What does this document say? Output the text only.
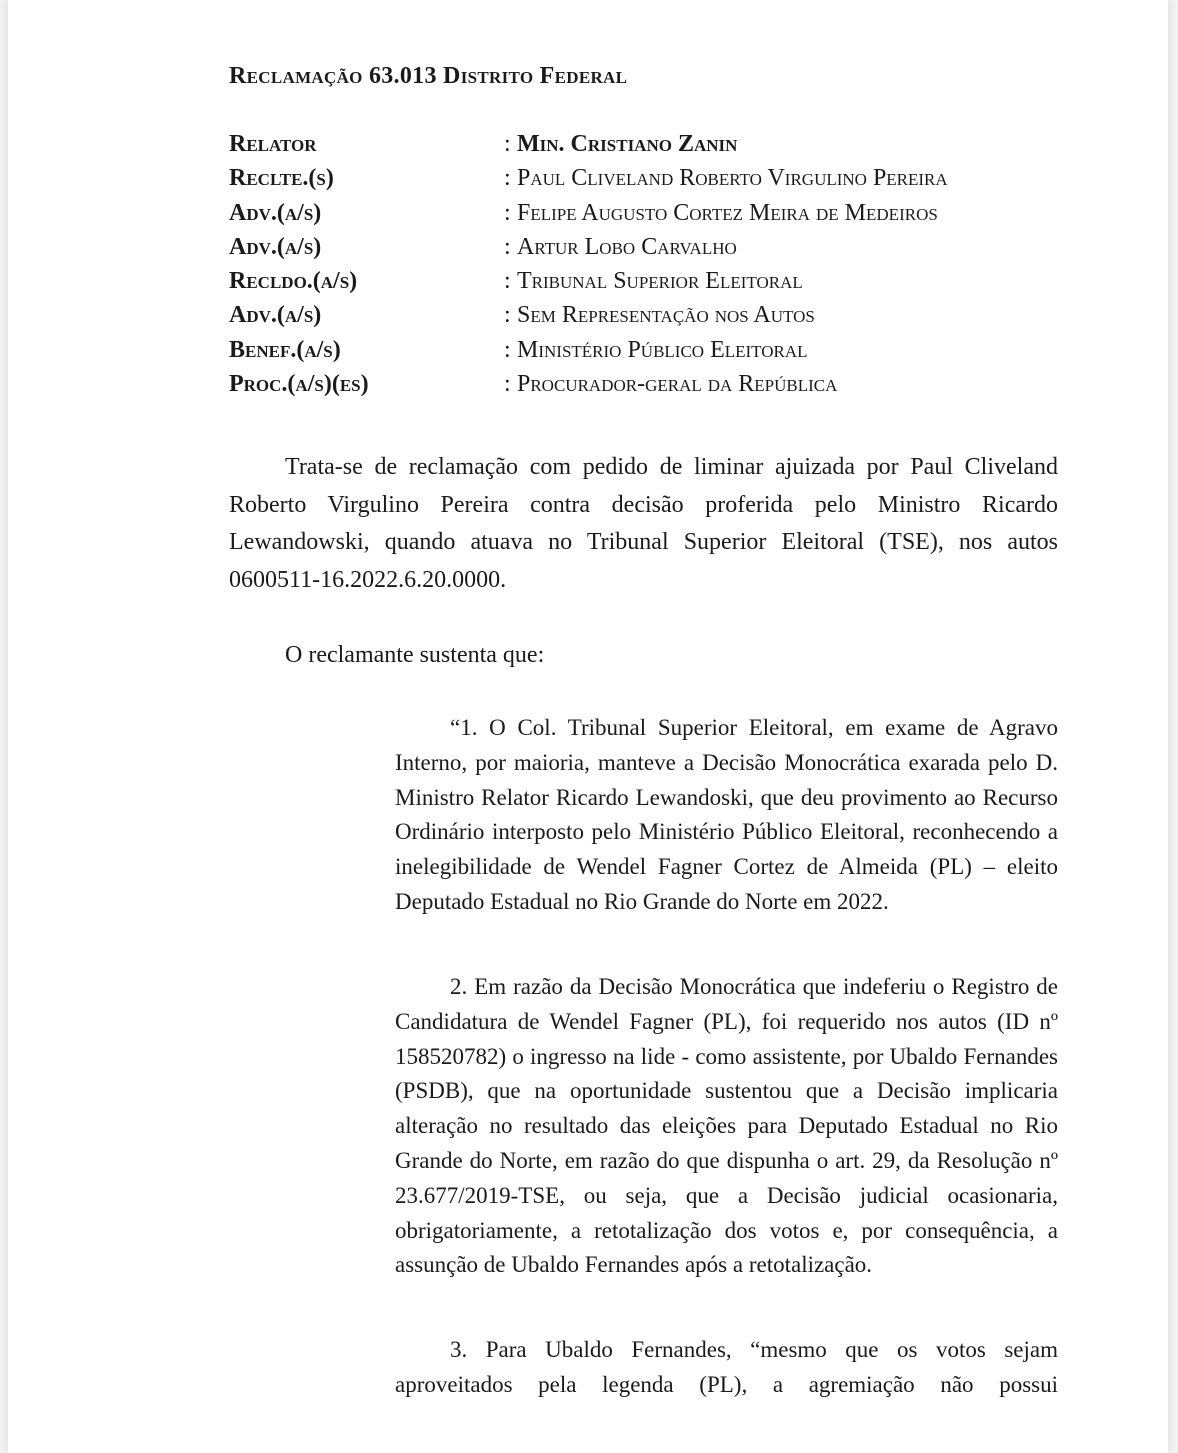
Reclamação 63.013 Distrito Federal
Relator	: Min. Cristiano Zanin
Reclte.(s)	: Paul Cliveland Roberto Virgulino Pereira
Adv.(a/s)	: Felipe Augusto Cortez Meira de Medeiros
Adv.(a/s)	: Artur Lobo Carvalho
Recldo.(a/s)	: Tribunal Superior Eleitoral
Adv.(a/s)	: Sem Representação nos Autos
Benef.(a/s)	: Ministério Público Eleitoral
Proc.(a/s)(es)	: Procurador-geral da República

Trata-se de reclamação com pedido de liminar ajuizada por Paul Cliveland Roberto Virgulino Pereira contra decisão proferida pelo Ministro Ricardo Lewandowski, quando atuava no Tribunal Superior Eleitoral (TSE), nos autos 0600511-16.2022.6.20.0000.

O reclamante sustenta que:

“1. O Col. Tribunal Superior Eleitoral, em exame de Agravo Interno, por maioria, manteve a Decisão Monocrática exarada pelo D. Ministro Relator Ricardo Lewandoski, que deu provimento ao Recurso Ordinário interposto pelo Ministério Público Eleitoral, reconhecendo a inelegibilidade de Wendel Fagner Cortez de Almeida (PL) – eleito Deputado Estadual no Rio Grande do Norte em 2022.

2. Em razão da Decisão Monocrática que indeferiu o Registro de Candidatura de Wendel Fagner (PL), foi requerido nos autos (ID nº 158520782) o ingresso na lide - como assistente, por Ubaldo Fernandes (PSDB), que na oportunidade sustentou que a Decisão implicaria alteração no resultado das eleições para Deputado Estadual no Rio Grande do Norte, em razão do que dispunha o art. 29, da Resolução nº 23.677/2019-TSE, ou seja, que a Decisão judicial ocasionaria, obrigatoriamente, a retotalização dos votos e, por consequência, a assunção de Ubaldo Fernandes após a retotalização.

3. Para Ubaldo Fernandes, “mesmo que os votos sejam
aproveitados pela legenda (PL), a agremiação não possui
